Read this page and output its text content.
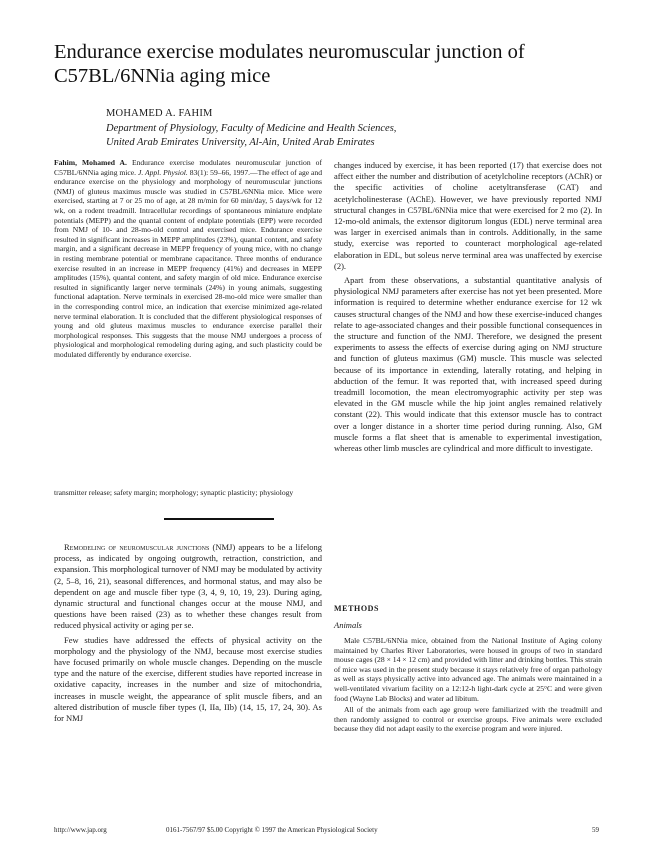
Endurance exercise modulates neuromuscular junction of C57BL/6NNia aging mice
MOHAMED A. FAHIM
Department of Physiology, Faculty of Medicine and Health Sciences,
United Arab Emirates University, Al-Ain, United Arab Emirates
Fahim, Mohamed A. Endurance exercise modulates neuromuscular junction of C57BL/6NNia aging mice. J. Appl. Physiol. 83(1): 59–66, 1997.—The effect of age and endurance exercise on the physiology and morphology of neuromuscular junctions (NMJ) of gluteus maximus muscle was studied in C57BL/6NNia mice. Mice were exercised, starting at 7 or 25 mo of age, at 28 m/min for 60 min/day, 5 days/wk for 12 wk, on a rodent treadmill. Intracellular recordings of spontaneous miniature endplate potentials (MEPP) and the quantal content of endplate potentials (EPP) were recorded from NMJ of 10- and 28-mo-old control and exercised mice. Endurance exercise resulted in significant increases in MEPP amplitudes (23%), quantal content, and safety margin, and a significant decrease in MEPP frequency of young mice, with no change in resting membrane potential or membrane capacitance. Three months of endurance exercise resulted in an increase in MEPP frequency (41%) and decreases in MEPP amplitudes (15%), quantal content, and safety margin of old mice. Endurance exercise resulted in significantly larger nerve terminals (24%) in young animals, suggesting functional adaptation. Nerve terminals in exercised 28-mo-old mice were smaller than in the corresponding control mice, an indication that exercise minimized age-related nerve terminal elaboration. It is concluded that the different physiological responses of young and old gluteus maximus muscles to endurance exercise parallel their morphological responses. This suggests that the mouse NMJ undergoes a process of physiological and morphological remodeling during aging, and such plasticity could be modulated differently by endurance exercise.
transmitter release; safety margin; morphology; synaptic plasticity; physiology

Remodeling of neuromuscular junctions (NMJ) appears to be a lifelong process, as indicated by ongoing outgrowth, retraction, constriction, and expansion. This morphological turnover of NMJ may be modulated by activity (2, 5–8, 16, 21), seasonal differences, and hormonal status, and may also be dependent on age and muscle fiber type (3, 4, 9, 10, 19, 23). During aging, dynamic structural and functional changes occur at the mouse NMJ, and questions have been raised (23) as to whether these changes result from reduced physical activity or aging per se.

Few studies have addressed the effects of physical activity on the morphology and the physiology of the NMJ, because most exercise studies have focused primarily on whole muscle changes. Depending on the muscle type and the nature of the exercise, different studies have reported increase in oxidative capacity, increases in the number and size of mitochondria, increases in muscle weight, the appearance of split muscle fibers, and an altered distribution of muscle fiber types (I, IIa, IIb) (14, 15, 17, 24, 30). As for NMJ

changes induced by exercise, it has been reported (17) that exercise does not affect either the number and distribution of acetylcholine receptors (AChR) or the specific activities of choline acetyltransferase (CAT) and acetylcholinesterase (AChE). However, we have previously reported NMJ structural changes in C57BL/6NNia mice that were exercised for 2 mo (2). In 12-mo-old animals, the extensor digitorum longus (EDL) nerve terminal area was larger in exercised animals than in controls. Additionally, in the same study, exercise was reported to counteract morphological age-related elaboration in EDL, but soleus nerve terminal area was unaffected by exercise (2).

Apart from these observations, a substantial quantitative analysis of physiological NMJ parameters after exercise has not yet been presented. More information is required to determine whether endurance exercise for 12 wk causes structural changes of the NMJ and how these exercise-induced changes relate to age-associated changes and their possible functional consequences in the structure and function of the NMJ. Therefore, we designed the present experiments to assess the effects of exercise during aging on NMJ structure and function of gluteus maximus (GM) muscle. This muscle was selected because of its importance in extending, laterally rotating, and helping in abduction of the femur. It was reported that, with increased speed during treadmill locomotion, the mean electromyographic activity per step was elevated in the GM muscle while the hip joint angles remained relatively constant (22). This would indicate that this extensor muscle has to contract over a longer distance in a shorter time period during running. Also, GM muscle forms a flat sheet that is amenable to experimental investigation, whereas other limb muscles are cylindrical and more difficult to investigate.

METHODS
Animals

Male C57BL/6NNia mice, obtained from the National Institute of Aging colony maintained by Charles River Laboratories, were housed in groups of two in standard mouse cages (28 × 14 × 12 cm) and provided with litter and drinking bottles. This strain of mice was used in the present study because it stays relatively free of organ pathology as well as stays physically active into advanced age. The animals were maintained in a well-ventilated vivarium facility on a 12:12-h light-dark cycle at 25°C and were given food (Wayne Lab Blocks) and water ad libitum.

All of the animals from each age group were familiarized with the treadmill and then randomly assigned to control or exercise groups. Five animals were excluded because they did not adapt easily to the exercise program and were injured.

http://www.jap.org	0161-7567/97 $5.00 Copyright © 1997 the American Physiological Society	59
